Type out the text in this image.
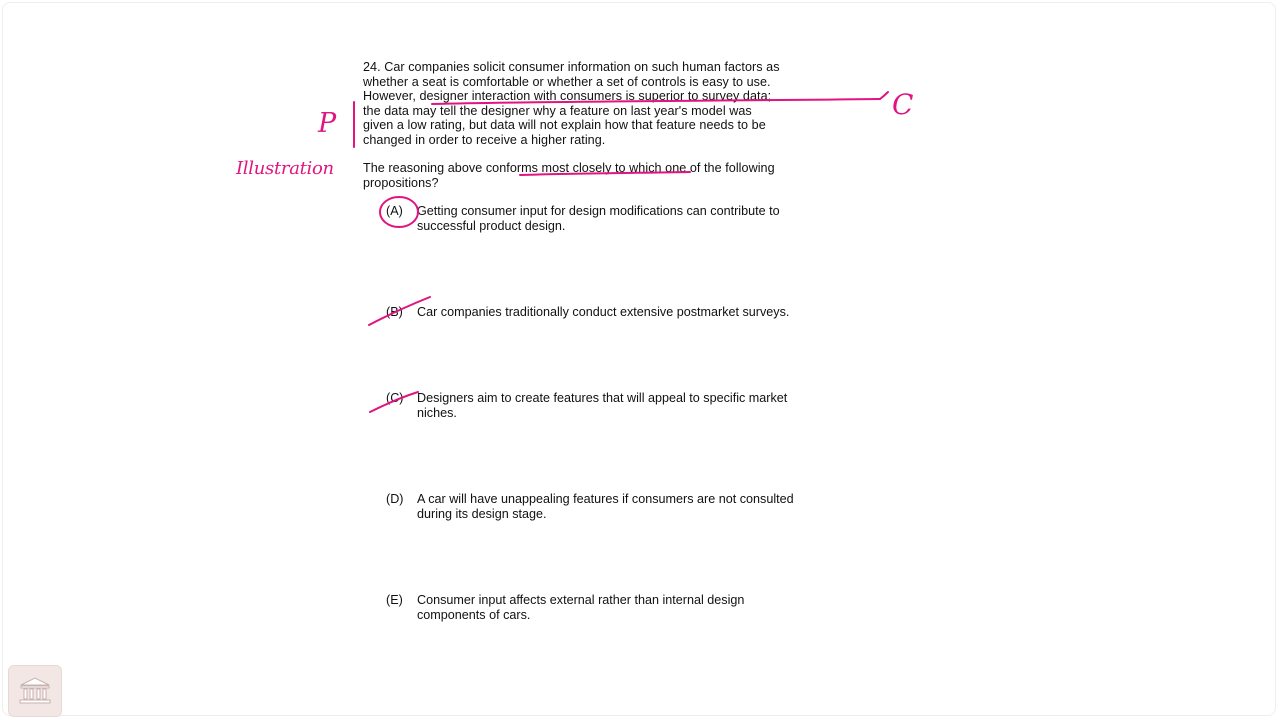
24. Car companies solicit consumer information on such human factors as
whether a seat is comfortable or whether a set of controls is easy to use.
However, designer interaction with consumers is superior to survey data;
the data may tell the designer why a feature on last year's model was
given a low rating, but data will not explain how that feature needs to be
changed in order to receive a higher rating.
The reasoning above conforms most closely to which one of the following
propositions?
(A)	Getting consumer input for design modifications can contribute to
successful product design.
(B)	Car companies traditionally conduct extensive postmarket surveys.
(C)	Designers aim to create features that will appeal to specific market
niches.
(D)	A car will have unappealing features if consumers are not consulted
during its design stage.
(E)	Consumer input affects external rather than internal design
components of cars.
C
P
Illustration
